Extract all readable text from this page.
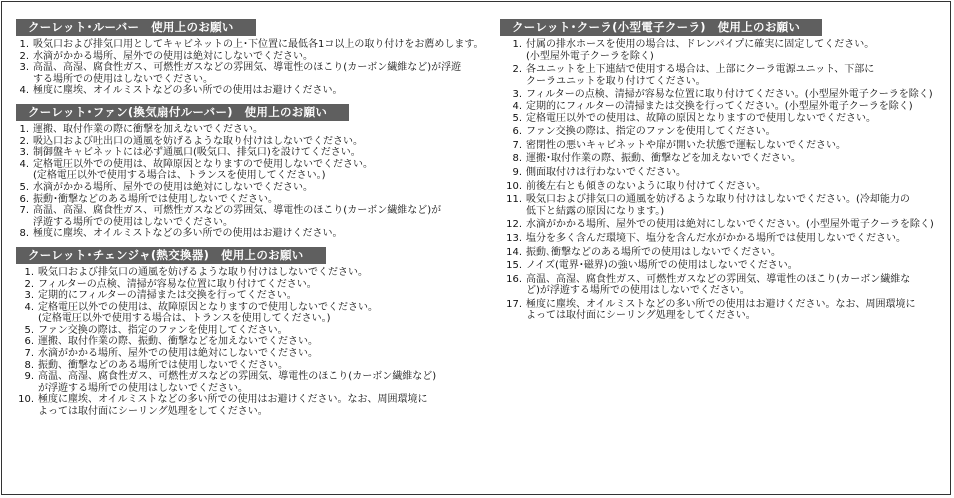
クーレット･ルーバー　使用上のお願い
1. 吸気口および排気口用としてキャビネットの上･下位置に最低各1コ以上の取り付けをお薦めします。
2. 水滴がかかる場所、屋外での使用は絶対にしないでください。
3. 高温、高湿、腐食性ガス、可燃性ガスなどの雰囲気、導電性のほこり(カーボン繊維など)が浮遊
する場所での使用はしないでください。
4. 極度に塵埃、オイルミストなどの多い所での使用はお避けください。
クーレット･ファン(換気扇付ルーバー)　使用上のお願い
1. 運搬、取付作業の際に衝撃を加えないでください。
2. 吸込口および吐出口の通風を妨げるような取り付けはしないでください。
3. 制御盤キャビネットには必ず通風口(吸気口、排気口)を設けてください。
4. 定格電圧以外での使用は、故障原因となりますので使用しないでください。
(定格電圧以外で使用する場合は、トランスを使用してください。)
5. 水滴がかかる場所、屋外での使用は絶対にしないでください。
6. 振動･衝撃などのある場所では使用しないでください。
7. 高温、高湿、腐食性ガス、可燃性ガスなどの雰囲気、導電性のほこり(カーボン繊維など)が
浮遊する場所での使用はしないでください。
8. 極度に塵埃、オイルミストなどの多い所での使用はお避けください。
クーレット･チェンジャ(熱交換器)　使用上のお願い
1. 吸気口および排気口の通風を妨げるような取り付けはしないでください。
2. フィルターの点検、清掃が容易な位置に取り付けてください。
3. 定期的にフィルターの清掃または交換を行ってください。
4. 定格電圧以外での使用は、故障原因となりますので使用しないでください。
(定格電圧以外で使用する場合は、トランスを使用してください。)
5. ファン交換の際は、指定のファンを使用してください。
6. 運搬、取付作業の際、振動、衝撃などを加えないでください。
7. 水滴がかかる場所、屋外での使用は絶対にしないでください。
8. 振動、衝撃などのある場所では使用しないでください。
9. 高温、高湿、腐食性ガス、可燃性ガスなどの雰囲気、導電性のほこり(カーボン繊維など)
が浮遊する場所での使用はしないでください。
10. 極度に塵埃、オイルミストなどの多い所での使用はお避けください。なお、周囲環境に
よっては取付面にシーリング処理をしてください。
クーレット･クーラ(小型電子クーラ)　使用上のお願い
1. 付属の排水ホースを使用の場合は、ドレンパイプに確実に固定してください。
(小型屋外電子クーラを除く)
2. 各ユニットを上下連結で使用する場合は、上部にクーラ電源ユニット、下部に
クーラユニットを取り付けてください。
3. フィルターの点検、清掃が容易な位置に取り付けてください。(小型屋外電子クーラを除く)
4. 定期的にフィルターの清掃または交換を行ってください。(小型屋外電子クーラを除く)
5. 定格電圧以外での使用は、故障の原因となりますので使用しないでください。
6. ファン交換の際は、指定のファンを使用してください。
7. 密閉性の悪いキャビネットや扉が開いた状態で運転しないでください。
8. 運搬･取付作業の際、振動、衝撃などを加えないでください。
9. 側面取付けは行わないでください。
10. 前後左右とも傾きのないように取り付けてください。
11. 吸気口および排気口の通風を妨げるような取り付けはしないでください。(冷却能力の
低下と結露の原因になります。)
12. 水滴がかかる場所、屋外での使用は絶対にしないでください。(小型屋外電子クーラを除く)
13. 塩分を多く含んだ環境下、塩分を含んだ水がかかる場所では使用しないでください。
14. 振動､衝撃などのある場所での使用はしないでください。
15. ノイズ(電界･磁界)の強い場所での使用はしないでください。
16. 高温、高湿、腐食性ガス、可燃性ガスなどの雰囲気、導電性のほこり(カーボン繊維な
ど)が浮遊する場所での使用はしないでください。
17. 極度に塵埃、オイルミストなどの多い所での使用はお避けください。なお、周囲環境に
よっては取付面にシーリング処理をしてください。
